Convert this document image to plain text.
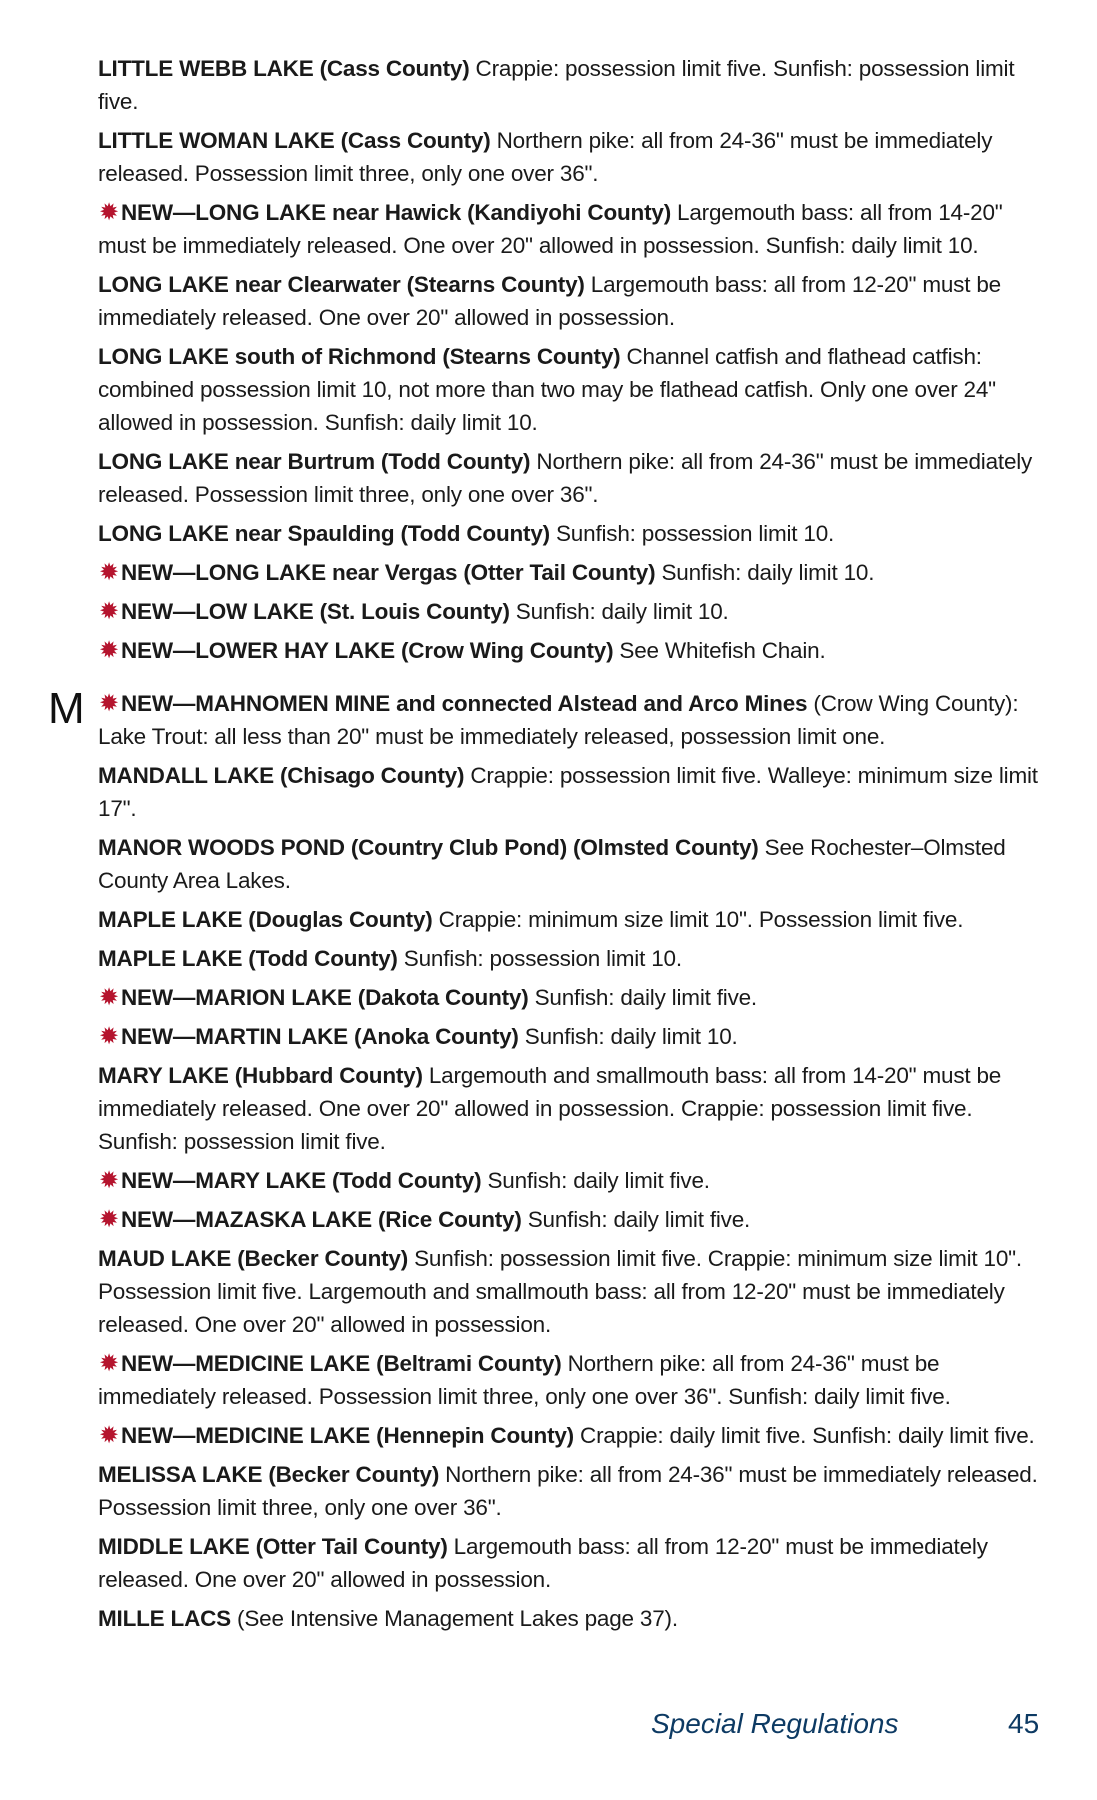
LITTLE WEBB LAKE (Cass County) Crappie: possession limit five. Sunfish: possession limit five.

LITTLE WOMAN LAKE (Cass County) Northern pike: all from 24-36" must be immediately released. Possession limit three, only one over 36".

✹NEW—LONG LAKE near Hawick (Kandiyohi County) Largemouth bass: all from 14-20" must be immediately released. One over 20" allowed in possession. Sunfish: daily limit 10.

LONG LAKE near Clearwater (Stearns County) Largemouth bass: all from 12-20" must be immediately released. One over 20" allowed in possession.

LONG LAKE south of Richmond (Stearns County) Channel catfish and flathead catfish: combined possession limit 10, not more than two may be flathead catfish. Only one over 24" allowed in possession. Sunfish: daily limit 10.

LONG LAKE near Burtrum (Todd County) Northern pike: all from 24-36" must be immediately released. Possession limit three, only one over 36".

LONG LAKE near Spaulding (Todd County) Sunfish: possession limit 10.

✹NEW—LONG LAKE near Vergas (Otter Tail County) Sunfish: daily limit 10.

✹NEW—LOW LAKE (St. Louis County) Sunfish: daily limit 10.

✹NEW—LOWER HAY LAKE (Crow Wing County) See Whitefish Chain.

M ✹NEW—MAHNOMEN MINE and connected Alstead and Arco Mines (Crow Wing County): Lake Trout: all less than 20" must be immediately released, possession limit one.

MANDALL LAKE (Chisago County) Crappie: possession limit five. Walleye: minimum size limit 17".

MANOR WOODS POND (Country Club Pond) (Olmsted County) See Rochester–Olmsted County Area Lakes.

MAPLE LAKE (Douglas County) Crappie: minimum size limit 10". Possession limit five.

MAPLE LAKE (Todd County) Sunfish: possession limit 10.

✹NEW—MARION LAKE (Dakota County) Sunfish: daily limit five.

✹NEW—MARTIN LAKE (Anoka County) Sunfish: daily limit 10.

MARY LAKE (Hubbard County) Largemouth and smallmouth bass: all from 14-20" must be immediately released. One over 20" allowed in possession. Crappie: possession limit five. Sunfish: possession limit five.

✹NEW—MARY LAKE (Todd County) Sunfish: daily limit five.

✹NEW—MAZASKA LAKE (Rice County) Sunfish: daily limit five.

MAUD LAKE (Becker County) Sunfish: possession limit five. Crappie: minimum size limit 10". Possession limit five. Largemouth and smallmouth bass: all from 12-20" must be immediately released. One over 20" allowed in possession.

✹NEW—MEDICINE LAKE (Beltrami County) Northern pike: all from 24-36" must be immediately released. Possession limit three, only one over 36". Sunfish: daily limit five.

✹NEW—MEDICINE LAKE (Hennepin County) Crappie: daily limit five. Sunfish: daily limit five.

MELISSA LAKE (Becker County) Northern pike: all from 24-36" must be immediately released. Possession limit three, only one over 36".

MIDDLE LAKE (Otter Tail County) Largemouth bass: all from 12-20" must be immediately released. One over 20" allowed in possession.

MILLE LACS (See Intensive Management Lakes page 37).

Special Regulations	45
